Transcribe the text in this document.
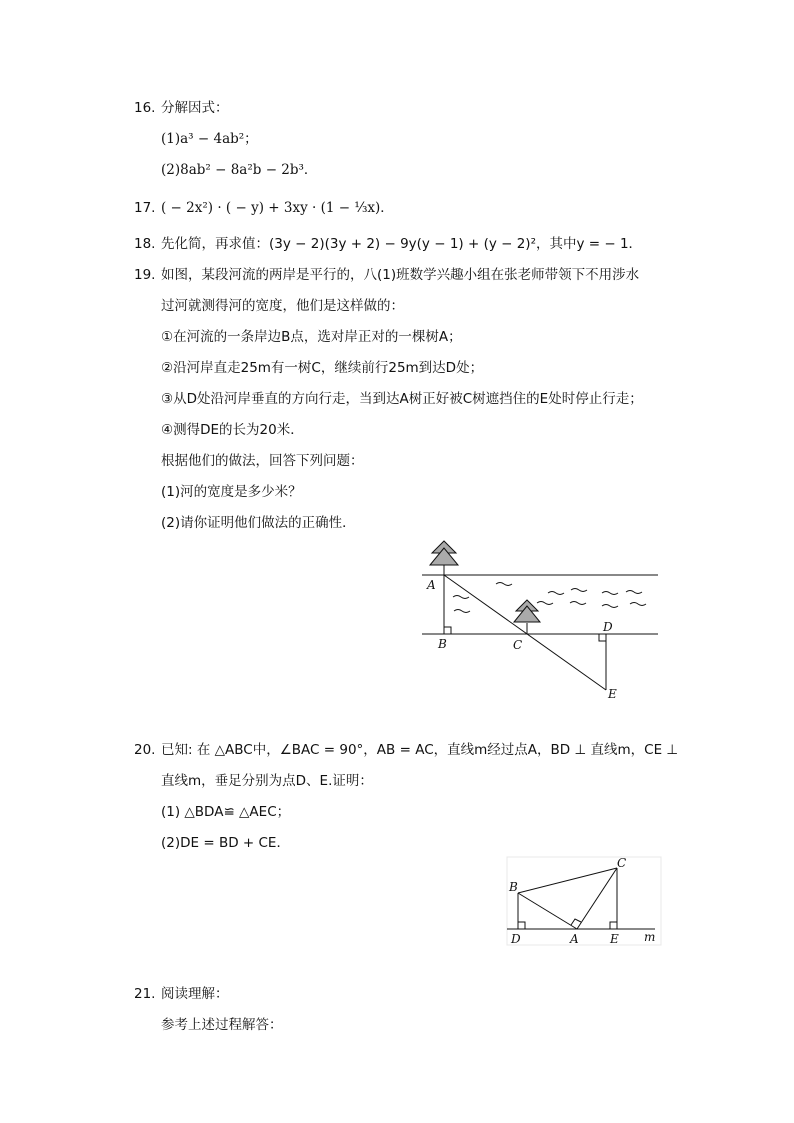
16. 分解因式：
(1)a³ − 4ab²；
(2)8ab² − 8a²b − 2b³．
17. ( − 2x²) · ( − y) + 3xy · (1 − ⅓x)．
18. 先化简，再求值：(3y − 2)(3y + 2) − 9y(y − 1) + (y − 2)²，其中y = − 1．
19. 如图，某段河流的两岸是平行的，八(1)班数学兴趣小组在张老师带领下不用涉水
过河就测得河的宽度，他们是这样做的：
①在河流的一条岸边B点，选对岸正对的一棵树A；
②沿河岸直走25m有一树C，继续前行25m到达D处；
③从D处沿河岸垂直的方向行走，当到达A树正好被C树遮挡住的E处时停止行走；
④测得DE的长为20米．
根据他们的做法，回答下列问题：
(1)河的宽度是多少米？
(2)请你证明他们做法的正确性．
A
B	C
D
E
20. 已知: 在 △ABC中，∠BAC = 90°，AB = AC，直线m经过点A，BD ⊥ 直线m，CE ⊥
直线m，垂足分别为点D、E.证明：
(1) △BDA≌ △AEC；
(2)DE = BD + CE．
B
C
D	A	E m
21. 阅读理解：
参考上述过程解答：
